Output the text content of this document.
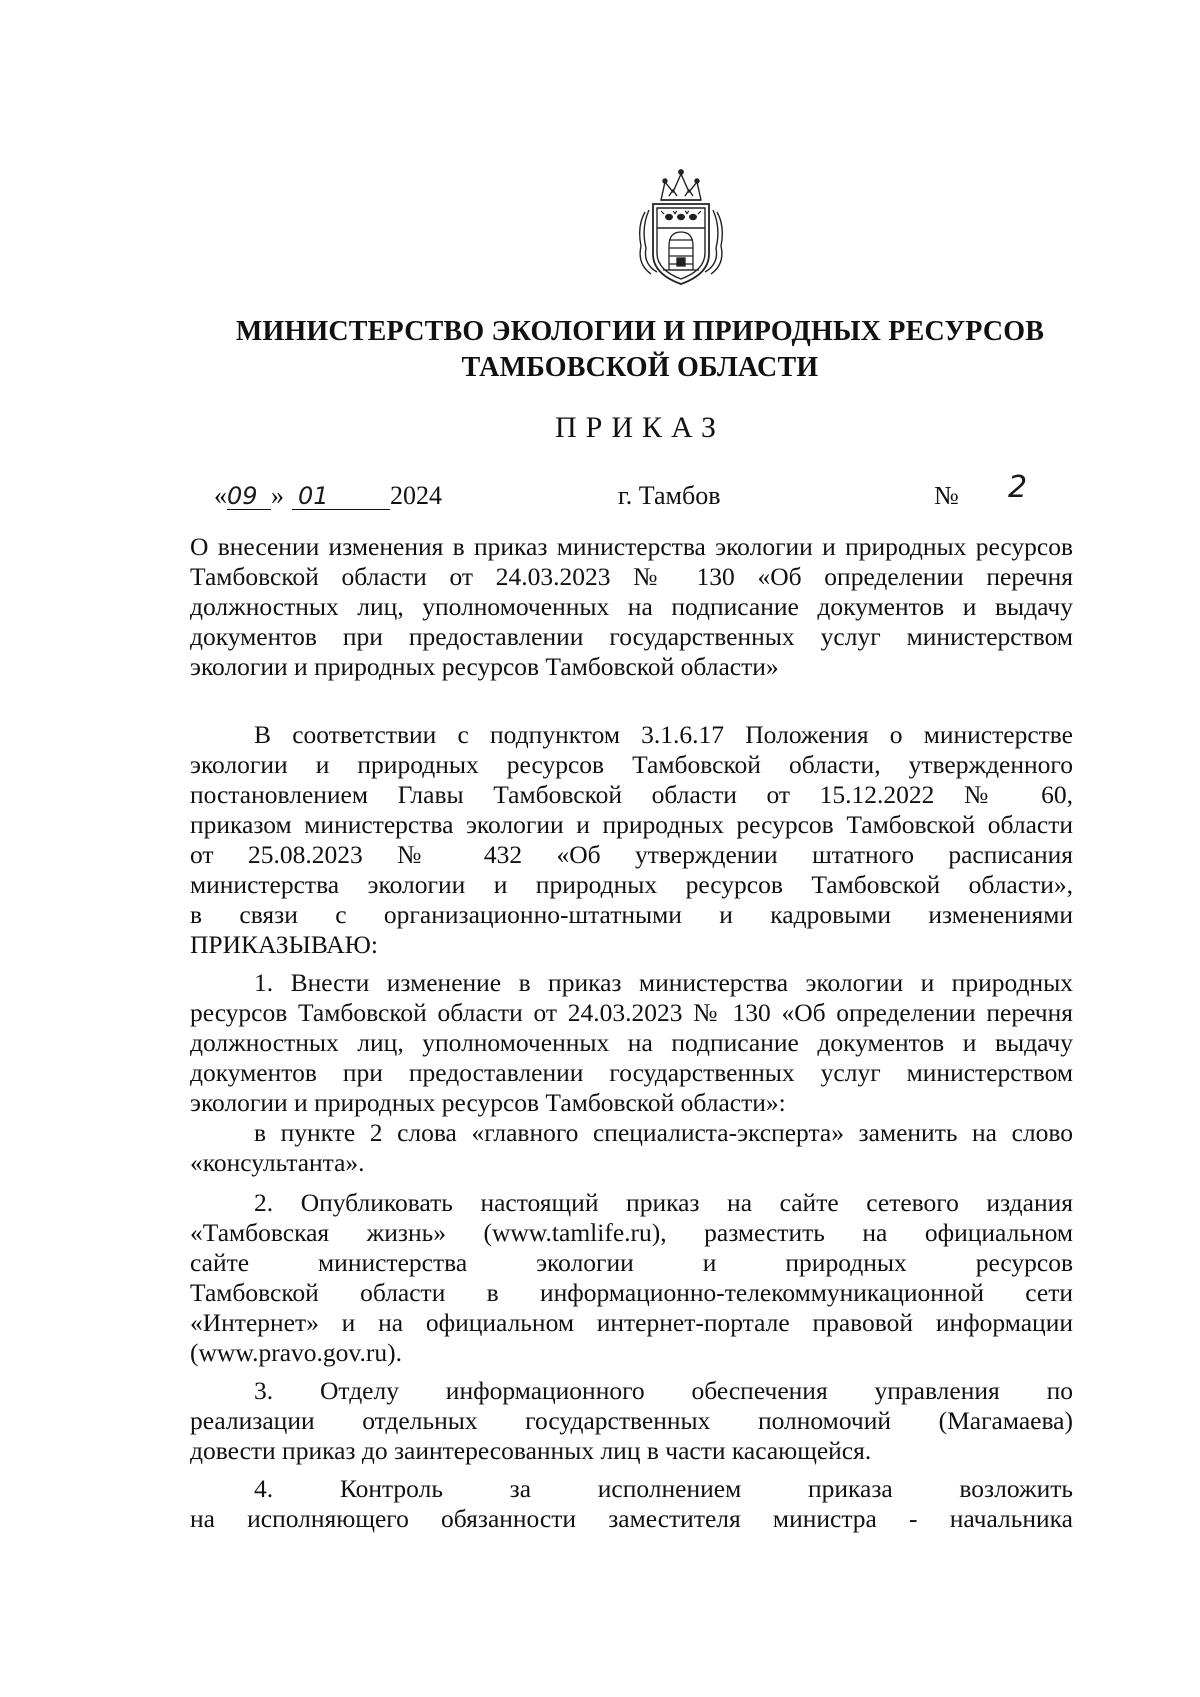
МИНИСТЕРСТВО ЭКОЛОГИИ И ПРИРОДНЫХ РЕСУРСОВ
ТАМБОВСКОЙ ОБЛАСТИ
ПРИКАЗ
«09 » 01 2024	г. Тамбов	№ 2
О внесении изменения в приказ министерства экологии и природных ресурсов
Тамбовской области от 24.03.2023 № 130 «Об определении перечня
должностных лиц, уполномоченных на подписание документов и выдачу
документов при предоставлении государственных услуг министерством
экологии и природных ресурсов Тамбовской области»
В соответствии с подпунктом 3.1.6.17 Положения о министерстве
экологии и природных ресурсов Тамбовской области, утвержденного
постановлением Главы Тамбовской области от 15.12.2022 № 60,
приказом министерства экологии и природных ресурсов Тамбовской области
от 25.08.2023 № 432 «Об утверждении штатного расписания
министерства экологии и природных ресурсов Тамбовской области»,
в связи с организационно-штатными и кадровыми изменениями
ПРИКАЗЫВАЮ:
1. Внести изменение в приказ министерства экологии и природных
ресурсов Тамбовской области от 24.03.2023 № 130 «Об определении перечня
должностных лиц, уполномоченных на подписание документов и выдачу
документов при предоставлении государственных услуг министерством
экологии и природных ресурсов Тамбовской области»:
в пункте 2 слова «главного специалиста-эксперта» заменить на слово
«консультанта».
2. Опубликовать настоящий приказ на сайте сетевого издания
«Тамбовская жизнь» (www.tamlife.ru), разместить на официальном
сайте министерства экологии и природных ресурсов
Тамбовской области в информационно-телекоммуникационной сети
«Интернет» и на официальном интернет-портале правовой информации
(www.pravo.gov.ru).
3. Отделу информационного обеспечения управления по
реализации отдельных государственных полномочий (Магамаева)
довести приказ до заинтересованных лиц в части касающейся.
4. Контроль за исполнением приказа возложить
на исполняющего обязанности заместителя министра - начальника
